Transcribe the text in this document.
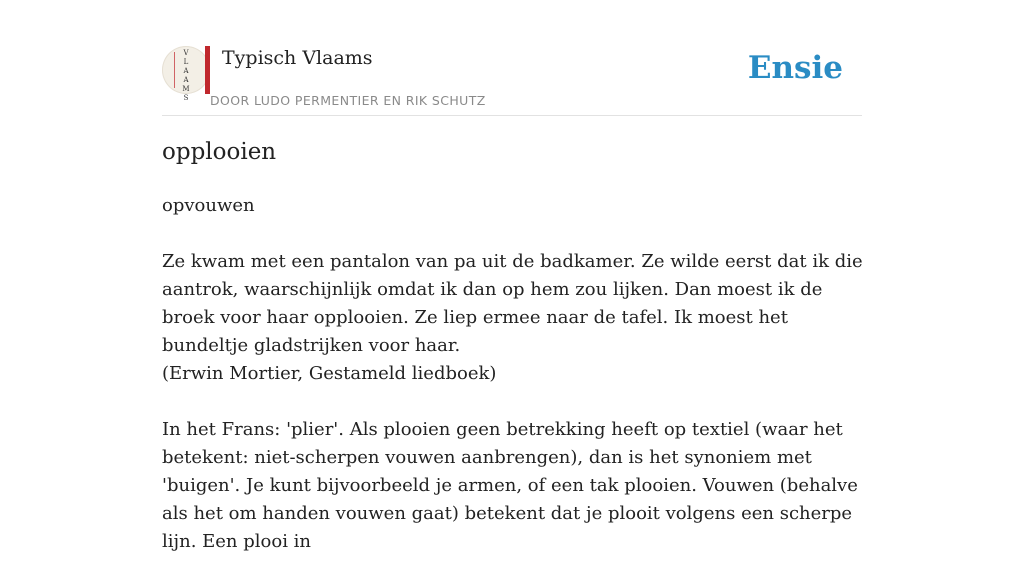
V
L
A
A
M
S
Typisch Vlaams
DOOR LUDO PERMENTIER EN RIK SCHUTZ
Ensie
opplooien

opvouwen

Ze kwam met een pantalon van pa uit de badkamer. Ze wilde eerst dat ik die aantrok, waarschijnlijk omdat ik dan op hem zou lijken. Dan moest ik de broek voor haar opplooien. Ze liep ermee naar de tafel. Ik moest het bundeltje gladstrijken voor haar.
(Erwin Mortier, Gestameld liedboek)

In het Frans: 'plier'. Als plooien geen betrekking heeft op textiel (waar het betekent: niet-scherpen vouwen aanbrengen), dan is het synoniem met 'buigen'. Je kunt bijvoorbeeld je armen, of een tak plooien. Vouwen (behalve als het om handen vouwen gaat) betekent dat je plooit volgens een scherpe lijn. Een plooi in
